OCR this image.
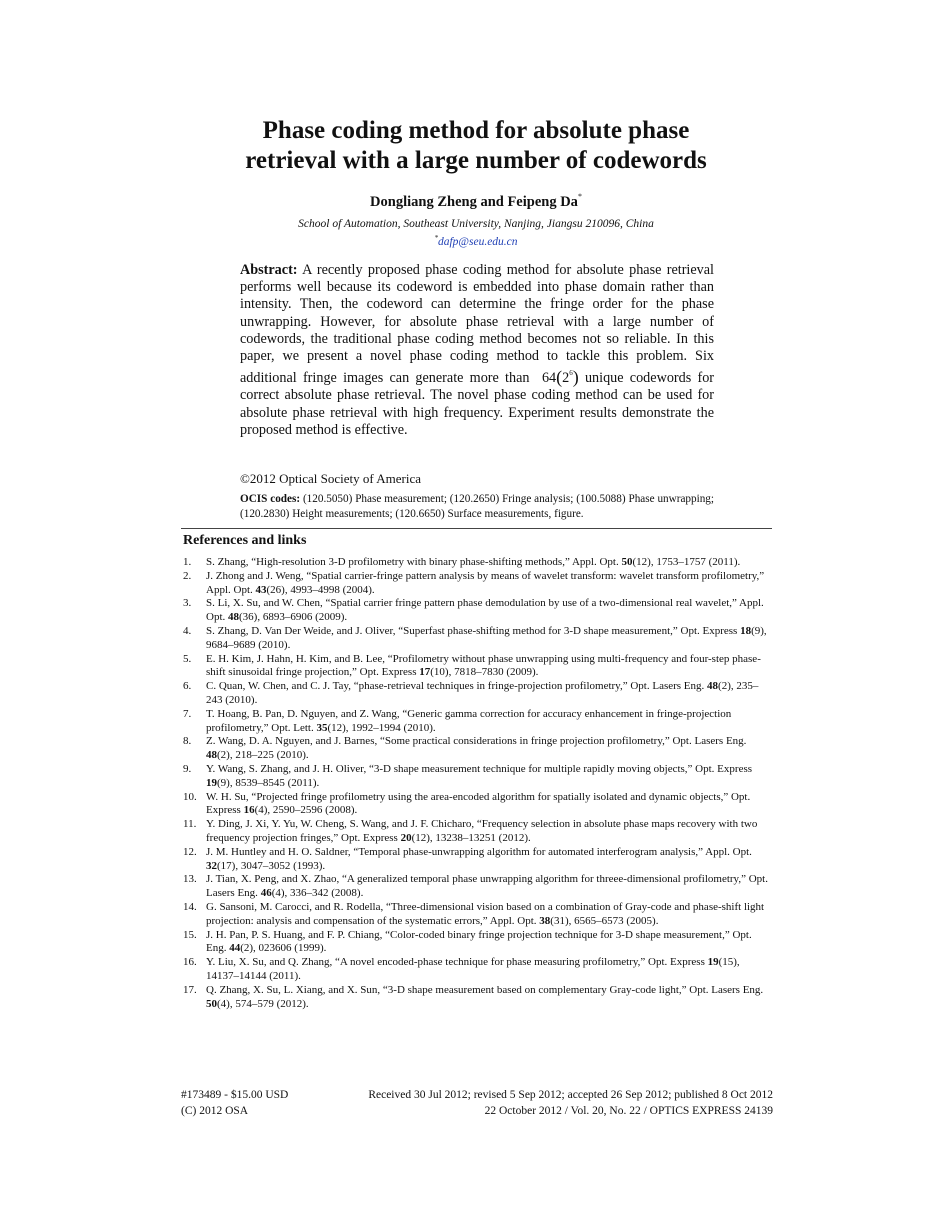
Phase coding method for absolute phase
retrieval with a large number of codewords
Dongliang Zheng and Feipeng Da*
School of Automation, Southeast University, Nanjing, Jiangsu 210096, China
*dafp@seu.edu.cn
Abstract: A recently proposed phase coding method for absolute phase retrieval performs well because its codeword is embedded into phase domain rather than intensity. Then, the codeword can determine the fringe order for the phase unwrapping. However, for absolute phase retrieval with a large number of codewords, the traditional phase coding method becomes not so reliable. In this paper, we present a novel phase coding method to tackle this problem. Six additional fringe images can generate more than $64(2^6)$ unique codewords for correct absolute phase retrieval. The novel phase coding method can be used for absolute phase retrieval with high frequency. Experiment results demonstrate the proposed method is effective.
©2012 Optical Society of America
OCIS codes: (120.5050) Phase measurement; (120.2650) Fringe analysis; (100.5088) Phase unwrapping; (120.2830) Height measurements; (120.6650) Surface measurements, figure.
References and links
1. S. Zhang, “High-resolution 3-D profilometry with binary phase-shifting methods,” Appl. Opt. 50(12), 1753–1757 (2011).
2. J. Zhong and J. Weng, “Spatial carrier-fringe pattern analysis by means of wavelet transform: wavelet transform profilometry,” Appl. Opt. 43(26), 4993–4998 (2004).
3. S. Li, X. Su, and W. Chen, “Spatial carrier fringe pattern phase demodulation by use of a two-dimensional real wavelet,” Appl. Opt. 48(36), 6893–6906 (2009).
4. S. Zhang, D. Van Der Weide, and J. Oliver, “Superfast phase-shifting method for 3-D shape measurement,” Opt. Express 18(9), 9684–9689 (2010).
5. E. H. Kim, J. Hahn, H. Kim, and B. Lee, “Profilometry without phase unwrapping using multi-frequency and four-step phase-shift sinusoidal fringe projection,” Opt. Express 17(10), 7818–7830 (2009).
6. C. Quan, W. Chen, and C. J. Tay, “phase-retrieval techniques in fringe-projection profilometry,” Opt. Lasers Eng. 48(2), 235–243 (2010).
7. T. Hoang, B. Pan, D. Nguyen, and Z. Wang, “Generic gamma correction for accuracy enhancement in fringe-projection profilometry,” Opt. Lett. 35(12), 1992–1994 (2010).
8. Z. Wang, D. A. Nguyen, and J. Barnes, “Some practical considerations in fringe projection profilometry,” Opt. Lasers Eng. 48(2), 218–225 (2010).
9. Y. Wang, S. Zhang, and J. H. Oliver, “3-D shape measurement technique for multiple rapidly moving objects,” Opt. Express 19(9), 8539–8545 (2011).
10. W. H. Su, “Projected fringe profilometry using the area-encoded algorithm for spatially isolated and dynamic objects,” Opt. Express 16(4), 2590–2596 (2008).
11. Y. Ding, J. Xi, Y. Yu, W. Cheng, S. Wang, and J. F. Chicharo, “Frequency selection in absolute phase maps recovery with two frequency projection fringes,” Opt. Express 20(12), 13238–13251 (2012).
12. J. M. Huntley and H. O. Saldner, “Temporal phase-unwrapping algorithm for automated interferogram analysis,” Appl. Opt. 32(17), 3047–3052 (1993).
13. J. Tian, X. Peng, and X. Zhao, “A generalized temporal phase unwrapping algorithm for threee-dimensional profilometry,” Opt. Lasers Eng. 46(4), 336–342 (2008).
14. G. Sansoni, M. Carocci, and R. Rodella, “Three-dimensional vision based on a combination of Gray-code and phase-shift light projection: analysis and compensation of the systematic errors,” Appl. Opt. 38(31), 6565–6573 (2005).
15. J. H. Pan, P. S. Huang, and F. P. Chiang, “Color-coded binary fringe projection technique for 3-D shape measurement,” Opt. Eng. 44(2), 023606 (1999).
16. Y. Liu, X. Su, and Q. Zhang, “A novel encoded-phase technique for phase measuring profilometry,” Opt. Express 19(15), 14137–14144 (2011).
17. Q. Zhang, X. Su, L. Xiang, and X. Sun, “3-D shape measurement based on complementary Gray-code light,” Opt. Lasers Eng. 50(4), 574–579 (2012).
#173489 - $15.00 USD	Received 30 Jul 2012; revised 5 Sep 2012; accepted 26 Sep 2012; published 8 Oct 2012
(C) 2012 OSA	22 October 2012 / Vol. 20, No. 22 / OPTICS EXPRESS 24139
